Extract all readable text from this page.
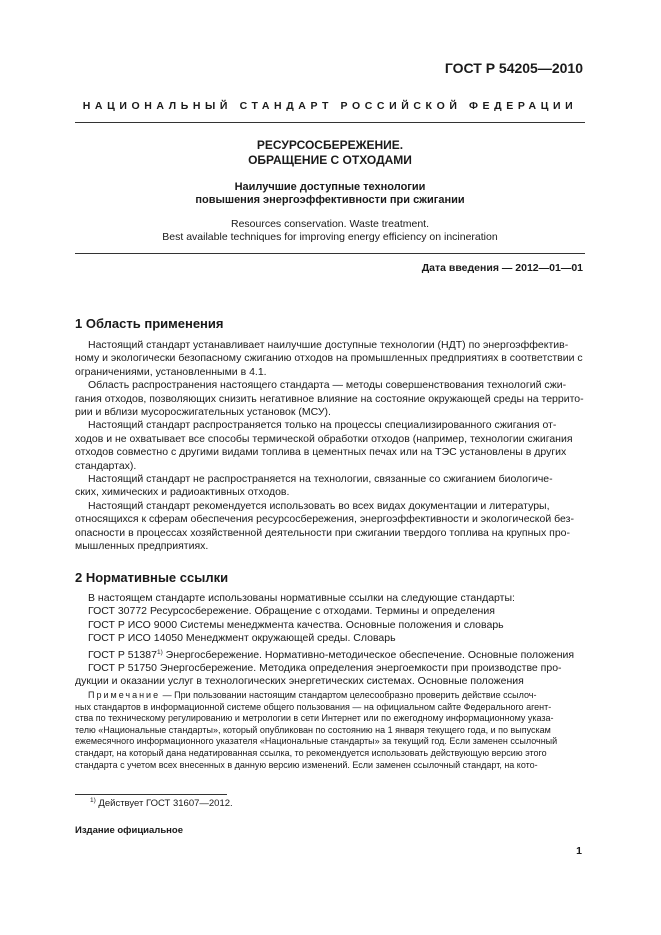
ГОСТ Р 54205—2010
НАЦИОНАЛЬНЫЙ СТАНДАРТ РОССИЙСКОЙ ФЕДЕРАЦИИ
РЕСУРСОСБЕРЕЖЕНИЕ.
ОБРАЩЕНИЕ С ОТХОДАМИ
Наилучшие доступные технологии
повышения энергоэффективности при сжигании
Resources conservation. Waste treatment.
Best available techniques for improving energy efficiency on incineration
Дата введения — 2012—01—01
1 Область применения
Настоящий стандарт устанавливает наилучшие доступные технологии (НДТ) по энергоэффектив-
ному и экологически безопасному сжиганию отходов на промышленных предприятиях в соответствии с
ограничениями, установленными в 4.1.
Область распространения настоящего стандарта — методы совершенствования технологий сжи-
гания отходов, позволяющих снизить негативное влияние на состояние окружающей среды на террито-
рии и вблизи мусоросжигательных установок (МСУ).
Настоящий стандарт распространяется только на процессы специализированного сжигания от-
ходов и не охватывает все способы термической обработки отходов (например, технологии сжигания
отходов совместно с другими видами топлива в цементных печах или на ТЭС установлены в других
стандартах).
Настоящий стандарт не распространяется на технологии, связанные со сжиганием биологиче-
ских, химических и радиоактивных отходов.
Настоящий стандарт рекомендуется использовать во всех видах документации и литературы,
относящихся к сферам обеспечения ресурсосбережения, энергоэффективности и экологической без-
опасности в процессах хозяйственной деятельности при сжигании твердого топлива на крупных про-
мышленных предприятиях.
2 Нормативные ссылки
В настоящем стандарте использованы нормативные ссылки на следующие стандарты:
ГОСТ 30772 Ресурсосбережение. Обращение с отходами. Термины и определения
ГОСТ Р ИСО 9000 Системы менеджмента качества. Основные положения и словарь
ГОСТ Р ИСО 14050 Менеджмент окружающей среды. Словарь
ГОСТ Р 51387$^{1)}$ Энергосбережение. Нормативно-методическое обеспечение. Основные положения
ГОСТ Р 51750 Энергосбережение. Методика определения энергоемкости при производстве про-
дукции и оказании услуг в технологических энергетических системах. Основные положения
Примечание — При пользовании настоящим стандартом целесообразно проверить действие ссылоч-
ных стандартов в информационной системе общего пользования — на официальном сайте Федерального агент-
ства по техническому регулированию и метрологии в сети Интернет или по ежегодному информационному указа-
телю «Национальные стандарты», который опубликован по состоянию на 1 января текущего года, и по выпускам
ежемесячного информационного указателя «Национальные стандарты» за текущий год. Если заменен ссылочный
стандарт, на который дана недатированная ссылка, то рекомендуется использовать действующую версию этого
стандарта с учетом всех внесенных в данную версию изменений. Если заменен ссылочный стандарт, на кото-
$^{1)}$ Действует ГОСТ 31607—2012.
Издание официальное
1
